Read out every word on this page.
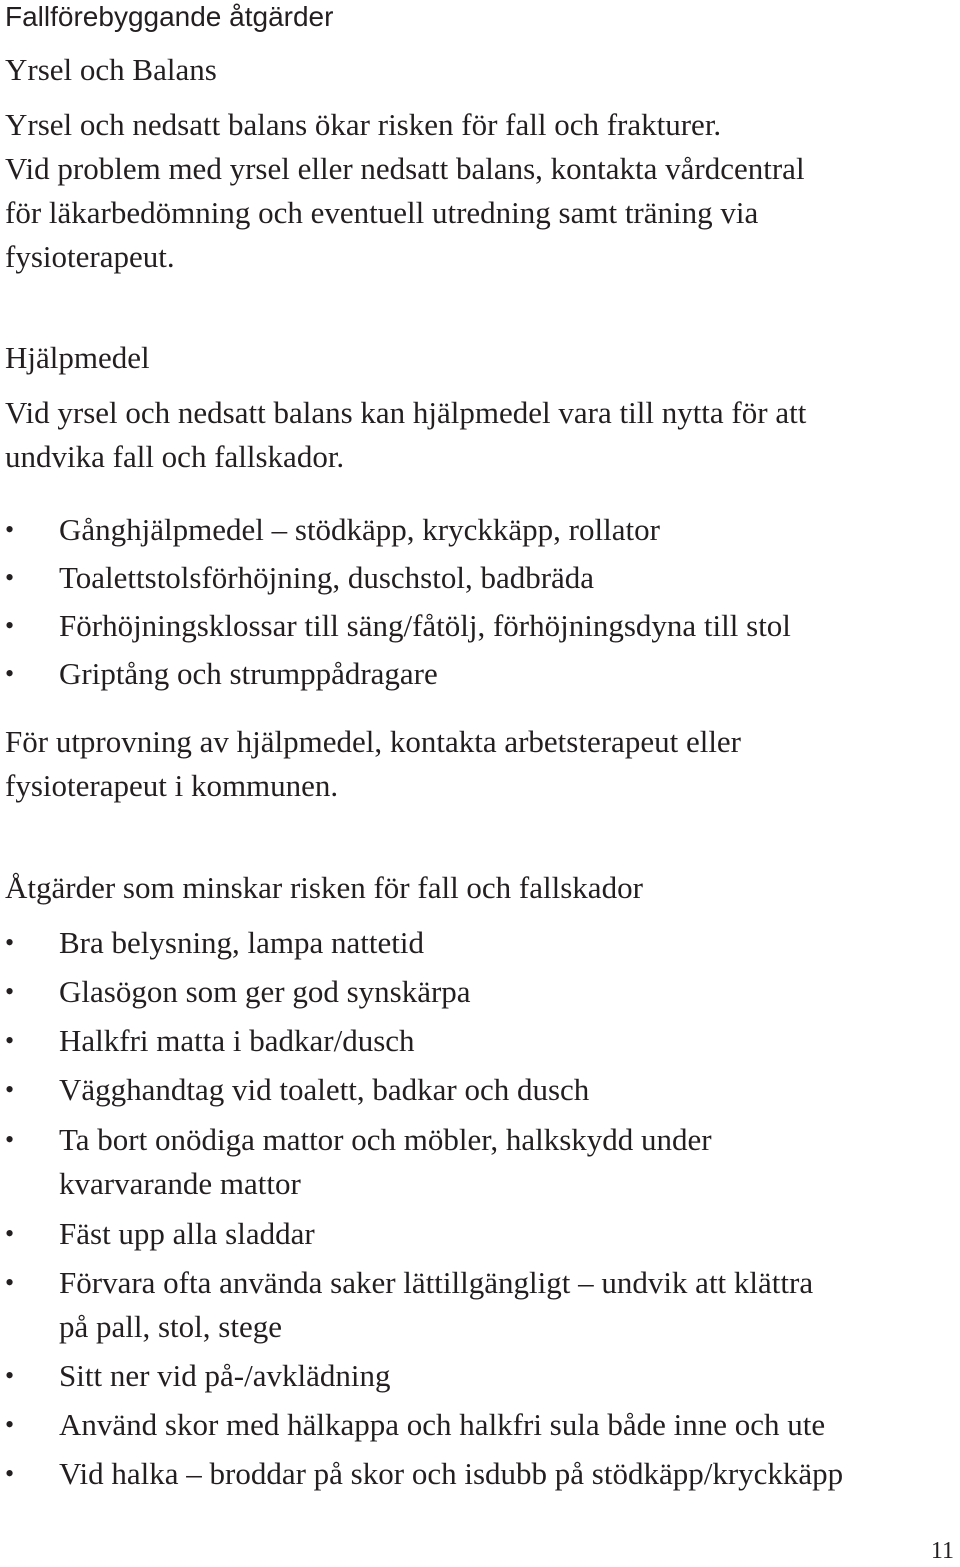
Fallförebyggande åtgärder
Yrsel och Balans
Yrsel och nedsatt balans ökar risken för fall och frakturer.
Vid problem med yrsel eller nedsatt balans, kontakta vårdcentral
för läkarbedömning och eventuell utredning samt träning via
fysioterapeut.
Hjälpmedel
Vid yrsel och nedsatt balans kan hjälpmedel vara till nytta för att
undvika fall och fallskador.
•	Gånghjälpmedel – stödkäpp, kryckkäpp, rollator
•	Toalettstolsförhöjning, duschstol, badbräda
•	Förhöjningsklossar till säng/fåtölj, förhöjningsdyna till stol
•	Griptång och strumppådragare
För utprovning av hjälpmedel, kontakta arbetsterapeut eller
fysioterapeut i kommunen.
Åtgärder som minskar risken för fall och fallskador
•	Bra belysning, lampa nattetid
•	Glasögon som ger god synskärpa
•	Halkfri matta i badkar/dusch
•	Vägghandtag vid toalett, badkar och dusch
•	Ta bort onödiga mattor och möbler, halkskydd under
kvarvarande mattor
•	Fäst upp alla sladdar
•	Förvara ofta använda saker lättillgängligt – undvik att klättra
på pall, stol, stege
•	Sitt ner vid på-/avklädning
•	Använd skor med hälkappa och halkfri sula både inne och ute
•	Vid halka – broddar på skor och isdubb på stödkäpp/kryckkäpp
11
